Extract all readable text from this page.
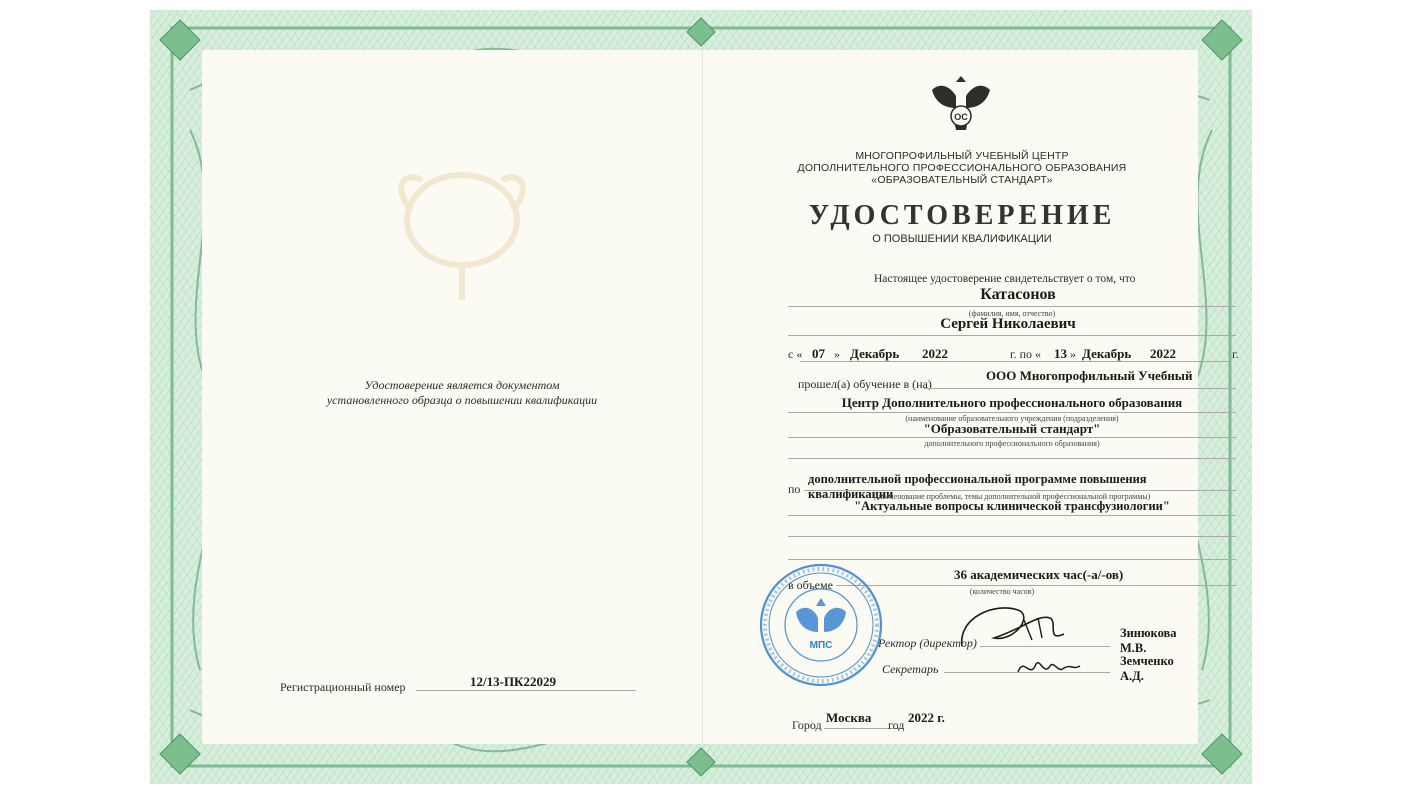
Удостоверение является документом
установленного образца о повышении квалификации
Регистрационный номер	12/13-ПК22029
ОС
МНОГОПРОФИЛЬНЫЙ УЧЕБНЫЙ ЦЕНТР
ДОПОЛНИТЕЛЬНОГО ПРОФЕССИОНАЛЬНОГО ОБРАЗОВАНИЯ
«ОБРАЗОВАТЕЛЬНЫЙ СТАНДАРТ»
УДОСТОВЕРЕНИЕ
О ПОВЫШЕНИИ КВАЛИФИКАЦИИ
Настоящее удостоверение свидетельствует о том, что
Катасонов
(фамилия, имя, отчество)
Сергей Николаевич
с « 07 » Декабрь 2022	г. по « 13 » Декабрь 2022	г.
прошел(а) обучение в (на)
ООО Многопрофильный Учебный
Центр Дополнительного профессионального образования
(наименование образовательного учреждения (подразделения)
"Образовательный стандарт"
дополнительного профессионального образования)
по
дополнительной профессиональной программе повышения квалификации
(наименование проблемы, темы дополнительной профессиональной программы)
"Актуальные вопросы клинической трансфузиологии"
в объеме
36 академических час(-а/-ов)
(количество часов)
Ректор (директор)
Зинюкова М.В.
Секретарь
Земченко А.Д.
МПС
Город Москва год 2022 г.
